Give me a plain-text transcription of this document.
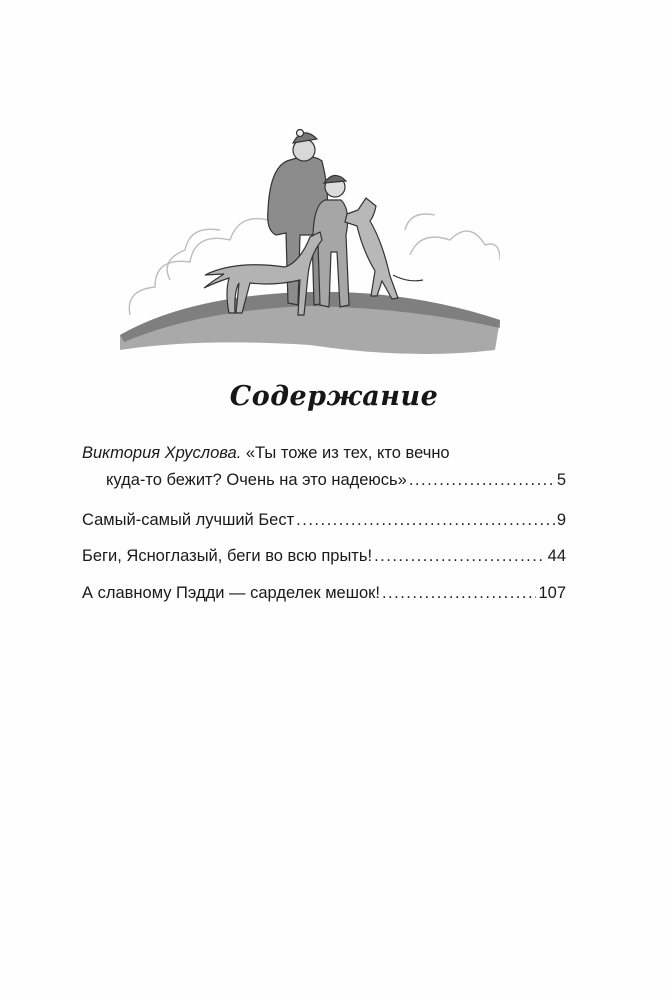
Содержание
Виктория Хруслова.
«Ты тоже из тех, кто вечно
куда-то бежит? Очень на это надеюсь» .....	5
Самый-самый лучший Бест .....	9
Беги, Ясноглазый, беги во всю прыть! .....	44
А славному Пэдди — сарделек мешок! .....	107
